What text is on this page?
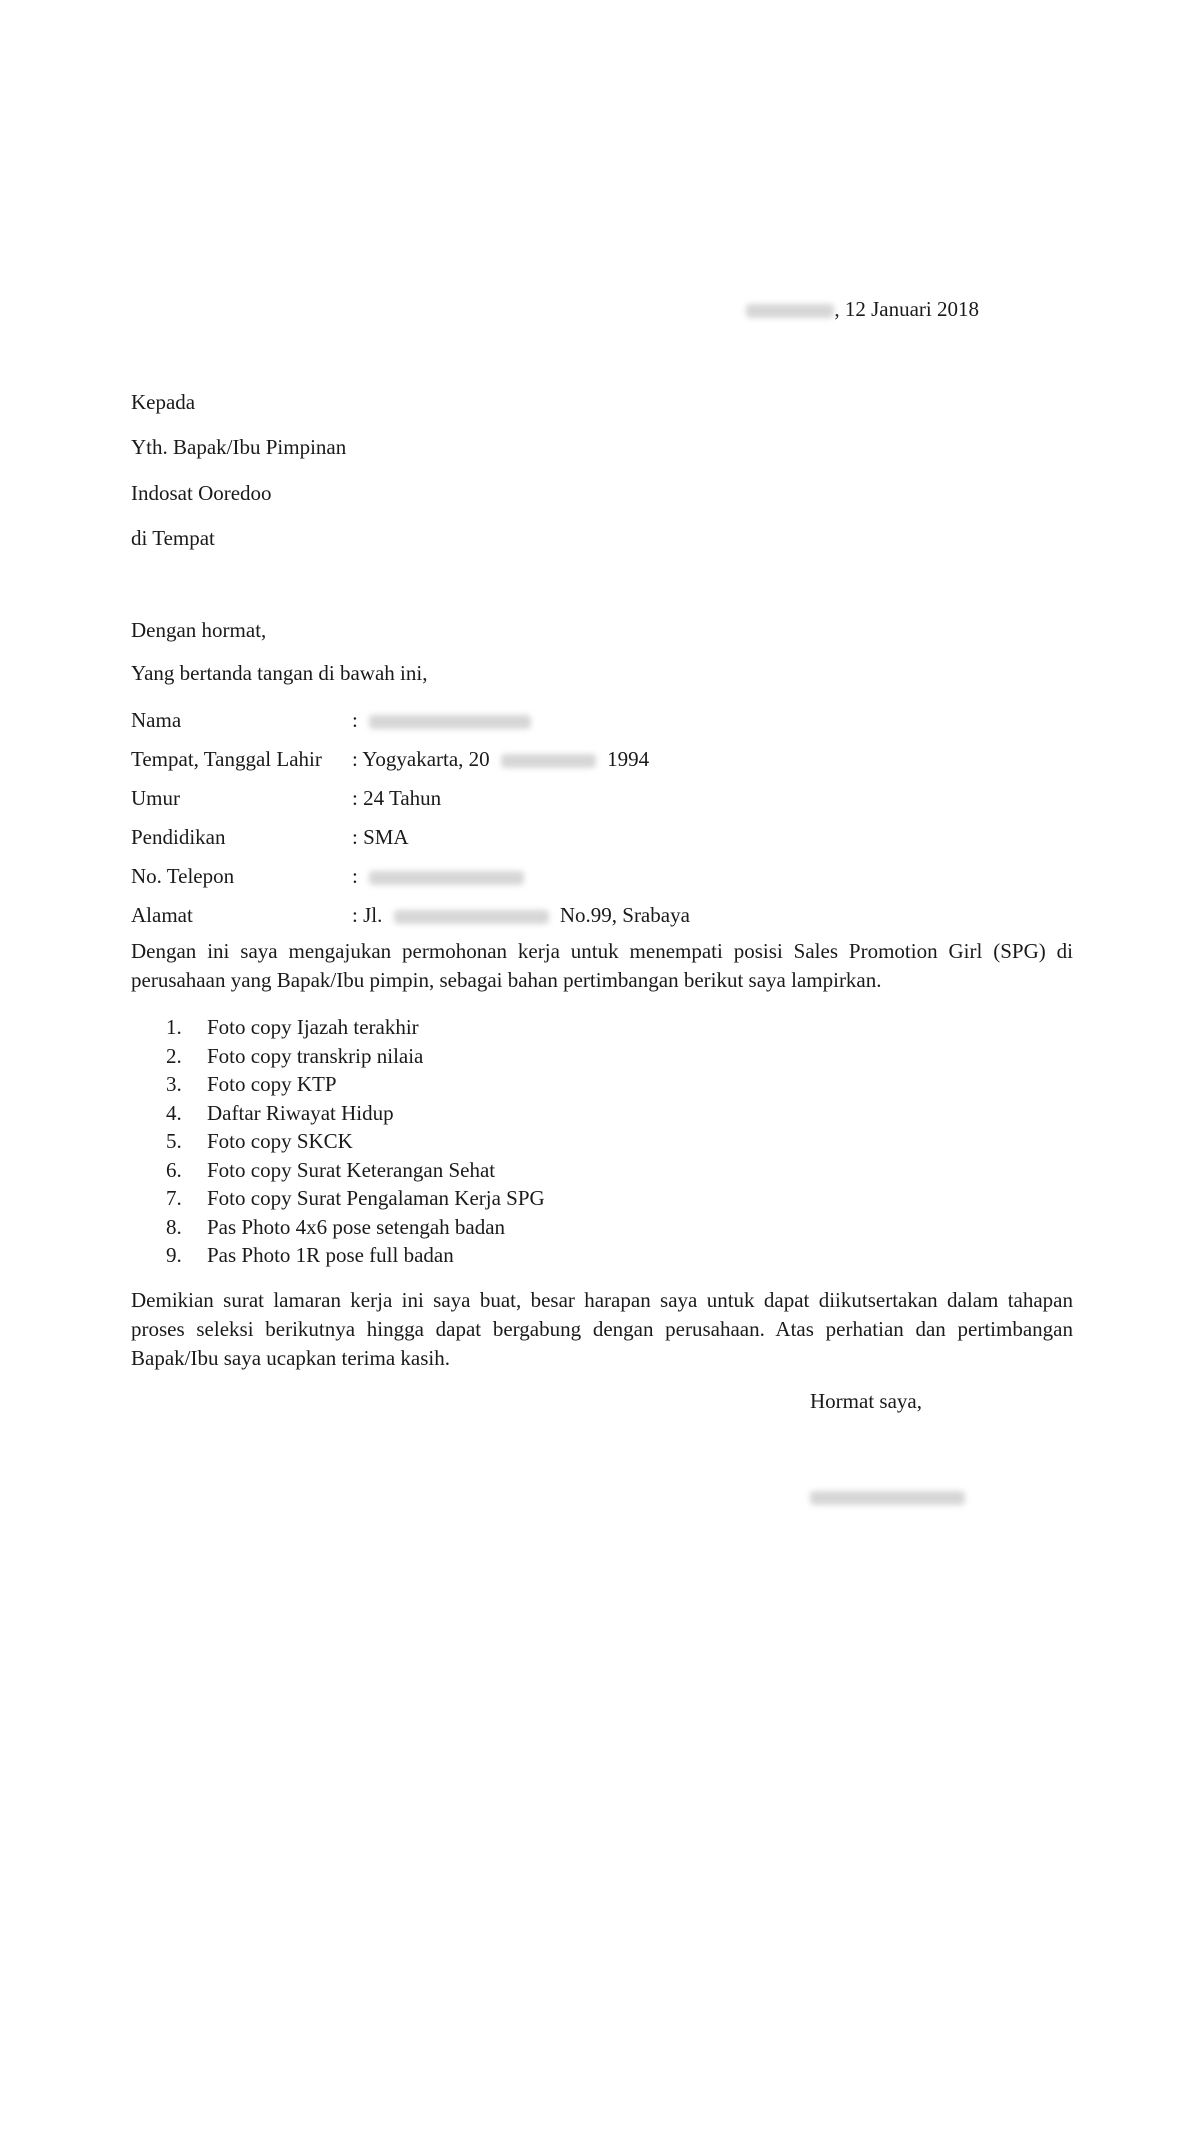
, 12 Januari 2018
Kepada
Yth. Bapak/Ibu Pimpinan
Indosat Ooredoo
di Tempat
Dengan hormat,
Yang bertanda tangan di bawah ini,
Nama	:
Tempat, Tanggal Lahir : Yogyakarta, 20	1994
Umur	: 24 Tahun
Pendidikan	: SMA
No. Telepon	:
Alamat	: Jl.	No.99, Srabaya
Dengan ini saya mengajukan permohonan kerja untuk menempati posisi Sales Promotion Girl (SPG) di perusahaan yang Bapak/Ibu pimpin, sebagai bahan pertimbangan berikut saya lampirkan.
1. Foto copy Ijazah terakhir
2. Foto copy transkrip nilaia
3. Foto copy KTP
4. Daftar Riwayat Hidup
5. Foto copy SKCK
6. Foto copy Surat Keterangan Sehat
7. Foto copy Surat Pengalaman Kerja SPG
8. Pas Photo 4x6 pose setengah badan
9. Pas Photo 1R pose full badan
Demikian surat lamaran kerja ini saya buat, besar harapan saya untuk dapat diikutsertakan dalam tahapan proses seleksi berikutnya hingga dapat bergabung dengan perusahaan. Atas perhatian dan pertimbangan Bapak/Ibu saya ucapkan terima kasih.
Hormat saya,
